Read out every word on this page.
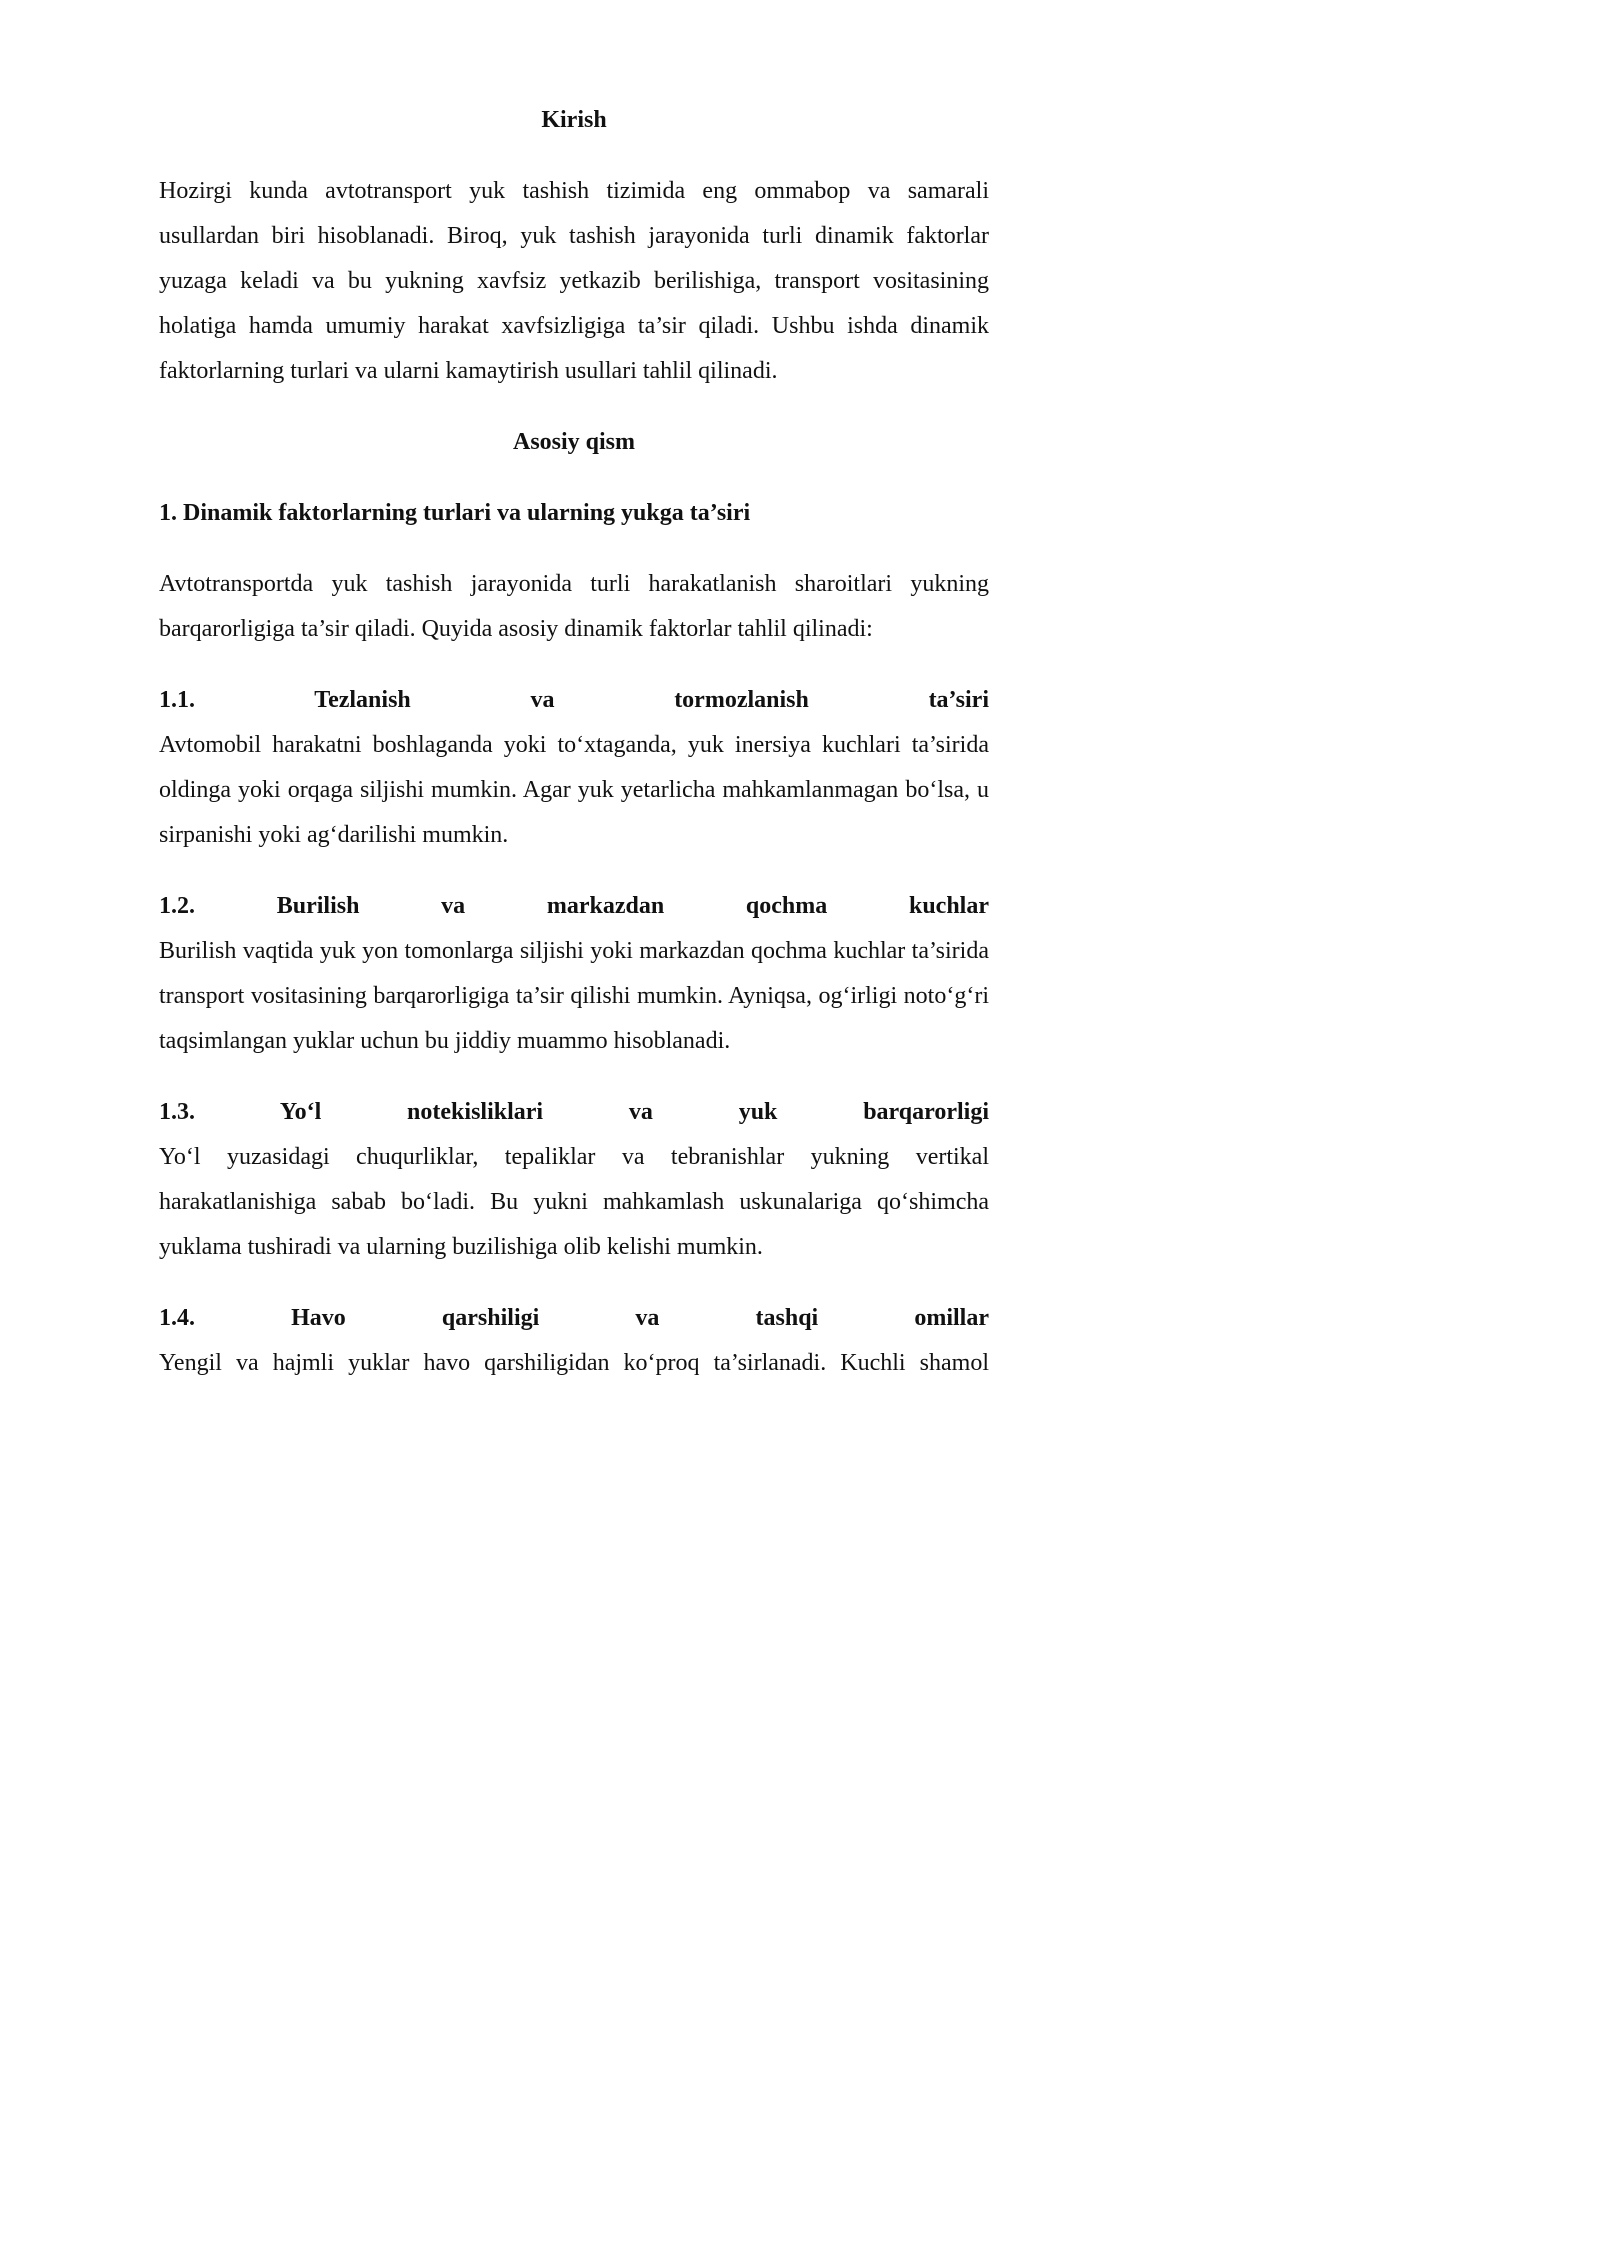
Kirish

Hozirgi kunda avtotransport yuk tashish tizimida eng ommabop va samarali usullardan biri hisoblanadi. Biroq, yuk tashish jarayonida turli dinamik faktorlar yuzaga keladi va bu yukning xavfsiz yetkazib berilishiga, transport vositasining holatiga hamda umumiy harakat xavfsizligiga ta’sir qiladi. Ushbu ishda dinamik faktorlarning turlari va ularni kamaytirish usullari tahlil qilinadi.

Asosiy qism
1. Dinamik faktorlarning turlari va ularning yukga ta’siri

Avtotransportda yuk tashish jarayonida turli harakatlanish sharoitlari yukning barqarorligiga ta’sir qiladi. Quyida asosiy dinamik faktorlar tahlil qilinadi:

1.1. Tezlanish va tormozlanish ta’siri
Avtomobil harakatni boshlaganda yoki to‘xtaganda, yuk inersiya kuchlari ta’sirida oldinga yoki orqaga siljishi mumkin. Agar yuk yetarlicha mahkamlanmagan bo‘lsa, u sirpanishi yoki ag‘darilishi mumkin.
1.2. Burilish va markazdan qochma kuchlar
Burilish vaqtida yuk yon tomonlarga siljishi yoki markazdan qochma kuchlar ta’sirida transport vositasining barqarorligiga ta’sir qilishi mumkin. Ayniqsa, og‘irligi noto‘g‘ri taqsimlangan yuklar uchun bu jiddiy muammo hisoblanadi.
1.3. Yo‘l notekisliklari va yuk barqarorligi
Yo‘l yuzasidagi chuqurliklar, tepaliklar va tebranishlar yukning vertikal harakatlanishiga sabab bo‘ladi. Bu yukni mahkamlash uskunalariga qo‘shimcha yuklama tushiradi va ularning buzilishiga olib kelishi mumkin.
1.4. Havo qarshiligi va tashqi omillar
Yengil va hajmli yuklar havo qarshiligidan ko‘proq ta’sirlanadi. Kuchli shamol
